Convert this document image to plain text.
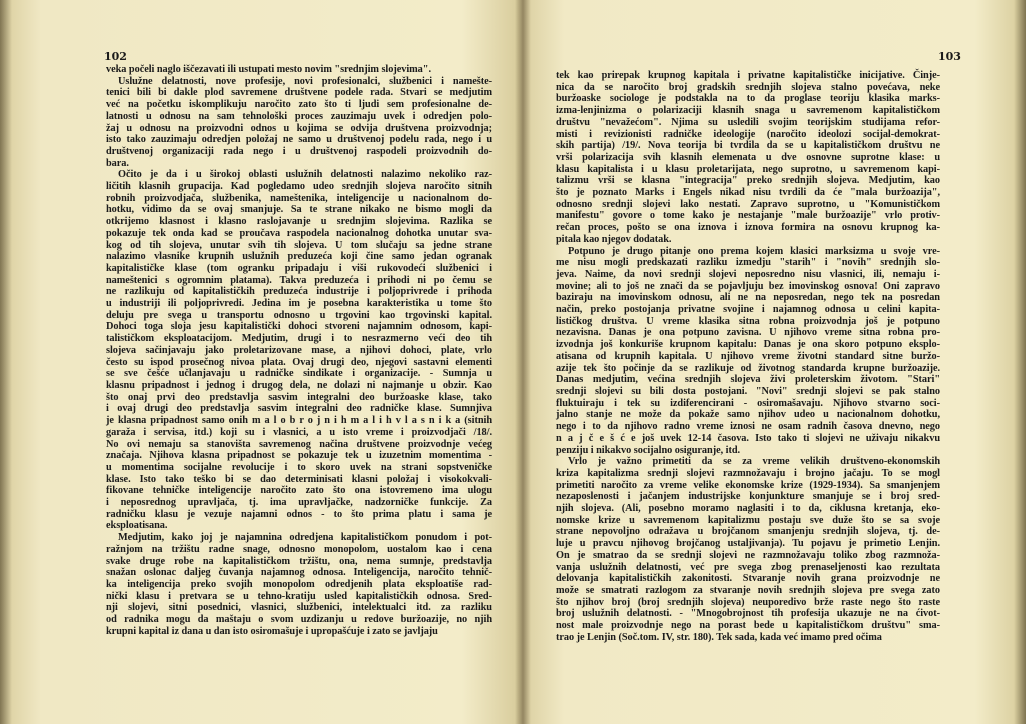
102
veka počeli naglo iščezavati ili ustupati mesto novim "srednjim slojevima".
Uslužne delatnosti, nove profesije, novi profesionalci, službenici i namešte-
tenici bili bi dakle plod savremene društvene podele rada. Stvari se medjutim
već na početku iskomplikuju naročito zato što ti ljudi sem profesionalne de-
latnosti u odnosu na sam tehnološki proces zauzimaju uvek i odredjen polo-
žaj u odnosu na proizvodni odnos u kojima se odvija društvena proizvodnja;
isto tako zauzimaju odredjen položaj ne samo u društvenoj podelu rada, nego i u
društvenoj organizaciji rada nego i u društvenoj raspodeli proizvodnih do-
bara.
Očito je da i u širokoj oblasti uslužnih delatnosti nalazimo nekoliko raz-
ličitih klasnih grupacija. Kad pogledamo udeo srednjih slojeva naročito sitnih
robnih proizvodjača, službenika, nameštenika, inteligencije u nacionalnom do-
hotku, vidimo da se ovaj smanjuje. Sa te strane nikako ne bismo mogli da
otkrijemo klasnost i klasno raslojavanje u srednjim slojevima. Razlika se
pokazuje tek onda kad se proučava raspodela nacionalnog dohotka unutar sva-
kog od tih slojeva, unutar svih tih slojeva. U tom slučaju sa jedne strane
nalazimo vlasnike krupnih uslužnih preduzeća koji čine samo jedan ogranak
kapitalističke klase (tom ogranku pripadaju i viši rukovodeći službenici i
nameštenici s ogromnim platama). Takva preduzeća i prihodi ni po čemu se
ne razlikuju od kapitalističkih preduzeća industrije i poljoprivrede i prihoda
u industriji ili poljoprivredi. Jedina im je posebna karakteristika u tome što
deluju pre svega u transportu odnosno u trgovini kao trgovinski kapital.
Dohoci toga sloja jesu kapitalistički dohoci stvoreni najamnim odnosom, kapi-
talističkom eksploatacijom. Medjutim, drugi i to nesrazmerno veći deo tih
slojeva sačinjavaju jako proletarizovane mase, a njihovi dohoci, plate, vrlo
često su ispod prosečnog nivoa plata. Ovaj drugi deo, njegovi sastavni elementi
se sve češće učlanjavaju u radničke sindikate i organizacije. - Sumnja u
klasnu pripadnost i jednog i drugog dela, ne dolazi ni najmanje u obzir. Kao
što onaj prvi deo predstavlja sasvim integralni deo buržoaske klase, tako
i ovaj drugi deo predstavlja sasvim integralni deo radničke klase. Sumnjiva
je klasna pripadnost samo onih m a l o b r o j n i h m a l i h v l a s n i k a (sitnih
garaža i servisa, itd.) koji su i vlasnici, a u isto vreme i proizvodjači /18/.
No ovi nemaju sa stanovišta savremenog načina društvene proizvodnje većeg
značaja. Njihova klasna pripadnost se pokazuje tek u izuzetnim momentima -
u momentima socijalne revolucije i to skoro uvek na strani sopstveničke
klase. Isto tako teško bi se dao determinisati klasni položaj i visokokvali-
fikovane tehničke inteligencije naročito zato što ona istovremeno ima ulogu
i neposrednog upravljača, tj. ima upravljačke, nadzorničke funkcije. Za
radničku klasu je vezuje najamni odnos - to što prima platu i sama je
eksploatisana.
Medjutim, kako joj je najamnina odredjena kapitalističkom ponudom i pot-
ražnjom na tržištu radne snage, odnosno monopolom, uostalom kao i cena
svake druge robe na kapitalističkom tržištu, ona, nema sumnje, predstavlja
snažan oslonac daljeg čuvanja najamnog odnosa. Inteligencija, naročito tehnič-
ka inteligencija preko svojih monopolom odredjenih plata eksploatiše rad-
nički klasu i pretvara se u tehno-kratiju usled kapitalističkih odnosa. Sred-
nji slojevi, sitni posednici, vlasnici, službenici, intelektualci itd. za razliku
od radnika mogu da maštaju o svom uzdizanju u redove buržoazije, no njih
krupni kapital iz dana u dan isto osiromašuje i upropašćuje i zato se javljaju
103
tek kao prirepak krupnog kapitala i privatne kapitalističke inicijative. Činje-
nica da se naročito broj gradskih srednjih slojeva stalno povećava, neke
buržoaske sociologe je podstakla na to da proglase teoriju klasika marks-
izma-lenjinizma o polarizaciji klasnih snaga u savremenom kapitalističkom
društvu "nevažećom". Njima su usledili svojim teorijskim studijama refor-
misti i revizionisti radničke ideologije (naročito ideolozi socijal-demokrat-
skih partija) /19/. Nova teorija bi tvrdila da se u kapitalističkom društvu ne
vrši polarizacija svih klasnih elemenata u dve osnovne suprotne klase: u
klasu kapitalista i u klasu proletarijata, nego suprotno, u savremenom kapi-
talizmu vrši se klasna "integracija" preko srednjih slojeva. Medjutim, kao
što je poznato Marks i Engels nikad nisu tvrdili da će "mala buržoazija",
odnosno srednji slojevi lako nestati. Zapravo suprotno, u "Komunističkom
manifestu" govore o tome kako je nestajanje "male buržoazije" vrlo protiv-
rečan proces, pošto se ona iznova i iznova formira na osnovu krupnog ka-
pitala kao njegov dodatak.
Potpuno je drugo pitanje ono prema kojem klasici marksizma u svoje vre-
me nisu mogli predskazati razliku izmedju "starih" i "novih" srednjih slo-
jeva. Naime, da novi srednji slojevi neposredno nisu vlasnici, ili, nemaju i-
movine; ali to još ne znači da se pojavljuju bez imovinskog osnova! Oni zapravo
baziraju na imovinskom odnosu, ali ne na neposredan, nego tek na posredan
način, preko postojanja privatne svojine i najamnog odnosa u celini kapita-
lističkog društva. U vreme klasika sitna robna proizvodnja još je potpuno
nezavisna. Danas je ona potpuno zavisna. U njihovo vreme sitna robna pro-
izvodnja još konkuriše krupnom kapitalu: Danas je ona skoro potpuno eksplo-
atisana od krupnih kapitala. U njihovo vreme životni standard sitne buržo-
azije tek što počinje da se razlikuje od životnog standarda krupne buržoazije.
Danas medjutim, većina srednjih slojeva živi proleterskim životom. "Stari"
srednji slojevi su bili dosta postojani. "Novi" srednji slojevi se pak stalno
fluktuiraju i tek su izdiferencirani - osiromašavaju. Njihovo stvarno soci-
jalno stanje ne može da pokaže samo njihov udeo u nacionalnom dohotku,
nego i to da njihovo radno vreme iznosi ne osam radnih časova dnevno, nego
n a j č e š ć e još uvek 12-14 časova. Isto tako ti slojevi ne uživaju nikakvu
penziju i nikakvo socijalno osiguranje, itd.
Vrlo je važno primetiti da se za vreme velikih društveno-ekonomskih
kriza kapitalizma srednji slojevi razmnožavaju i brojno jačaju. To se mogl
primetiti naročito za vreme velike ekonomske krize (1929-1934). Sa smanjenjem
nezaposlenosti i jačanjem industrijske konjunkture smanjuje se i broj sred-
njih slojeva. (Ali, posebno moramo naglasiti i to da, ciklusna kretanja, eko-
nomske krize u savremenom kapitalizmu postaju sve duže što se sa svoje
strane nepovoljno odražava u brojčanom smanjenju srednjih slojeva, tj. de-
luje u pravcu njihovog brojčanog ustaljivanja). Tu pojavu je primetio Lenjin.
On je smatrao da se srednji slojevi ne razmnožavaju toliko zbog razmnoža-
vanja uslužnih delatnosti, već pre svega zbog prenaseljenosti kao rezultata
delovanja kapitalističkih zakonitosti. Stvaranje novih grana proizvodnje ne
može se smatrati razlogom za stvaranje novih srednjih slojeva pre svega zato
što njihov broj (broj srednjih slojeva) neuporedivo brže raste nego što raste
broj uslužnih delatnosti. - "Mnogobrojnost tih profesija ukazuje ne na ćivot-
nost male proizvodnje nego na porast bede u kapitalističkom društvu" sma-
trao je Lenjin (Soč.tom. IV, str. 180). Tek sada, kada već imamo pred očima
